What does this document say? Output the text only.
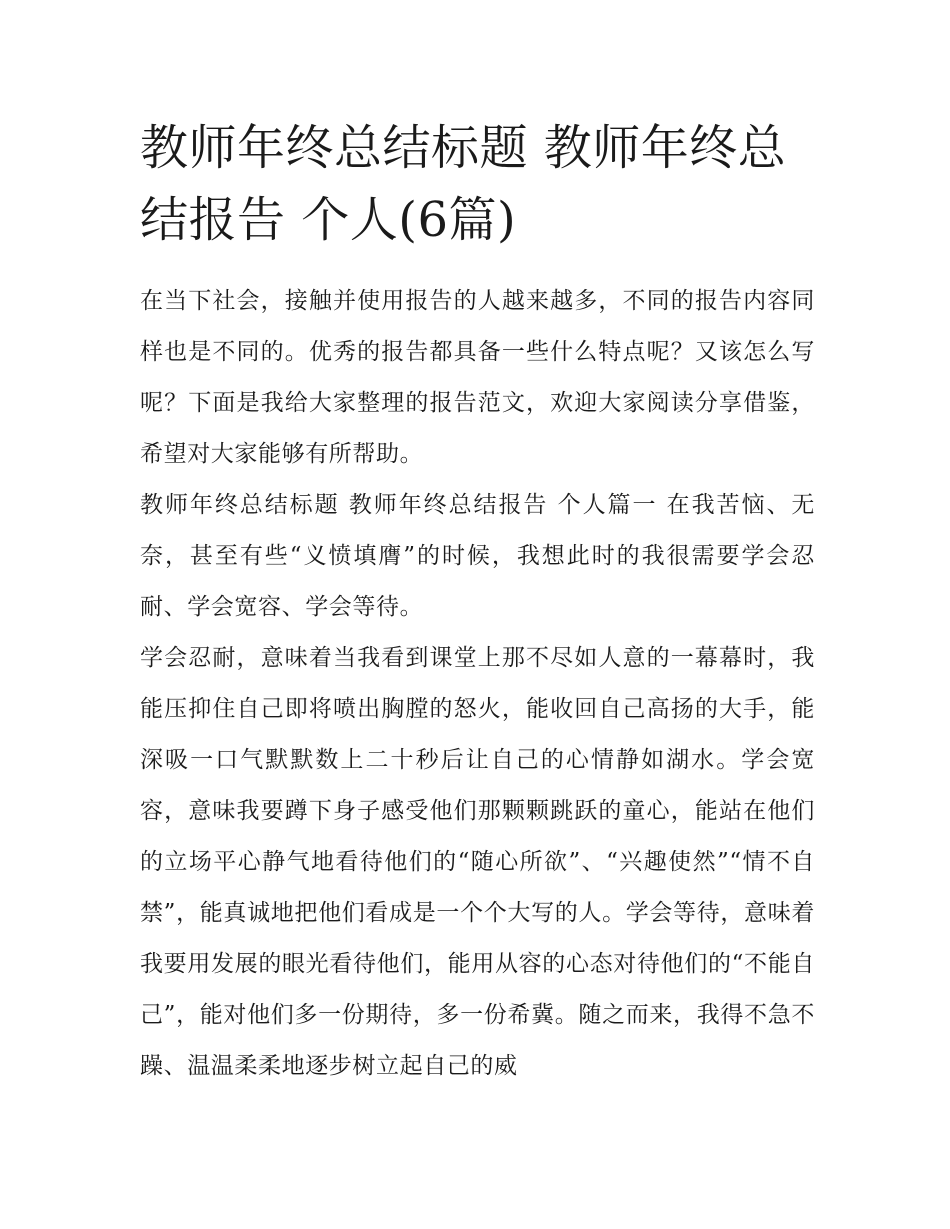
教师年终总结标题 教师年终总结报告 个人(6篇)

在当下社会，接触并使用报告的人越来越多，不同的报告内容同样也是不同的。优秀的报告都具备一些什么特点呢？又该怎么写呢？下面是我给大家整理的报告范文，欢迎大家阅读分享借鉴，希望对大家能够有所帮助。

教师年终总结标题 教师年终总结报告 个人篇一 在我苦恼、无奈，甚至有些“义愤填膺”的时候，我想此时的我很需要学会忍耐、学会宽容、学会等待。

学会忍耐，意味着当我看到课堂上那不尽如人意的一幕幕时，我能压抑住自己即将喷出胸膛的怒火，能收回自己高扬的大手，能深吸一口气默默数上二十秒后让自己的心情静如湖水。学会宽容，意味我要蹲下身子感受他们那颗颗跳跃的童心，能站在他们的立场平心静气地看待他们的“随心所欲”、“兴趣使然”“情不自禁”，能真诚地把他们看成是一个个大写的人。学会等待，意味着我要用发展的眼光看待他们，能用从容的心态对待他们的“不能自己”，能对他们多一份期待，多一份希冀。随之而来，我得不急不躁、温温柔柔地逐步树立起自己的威
